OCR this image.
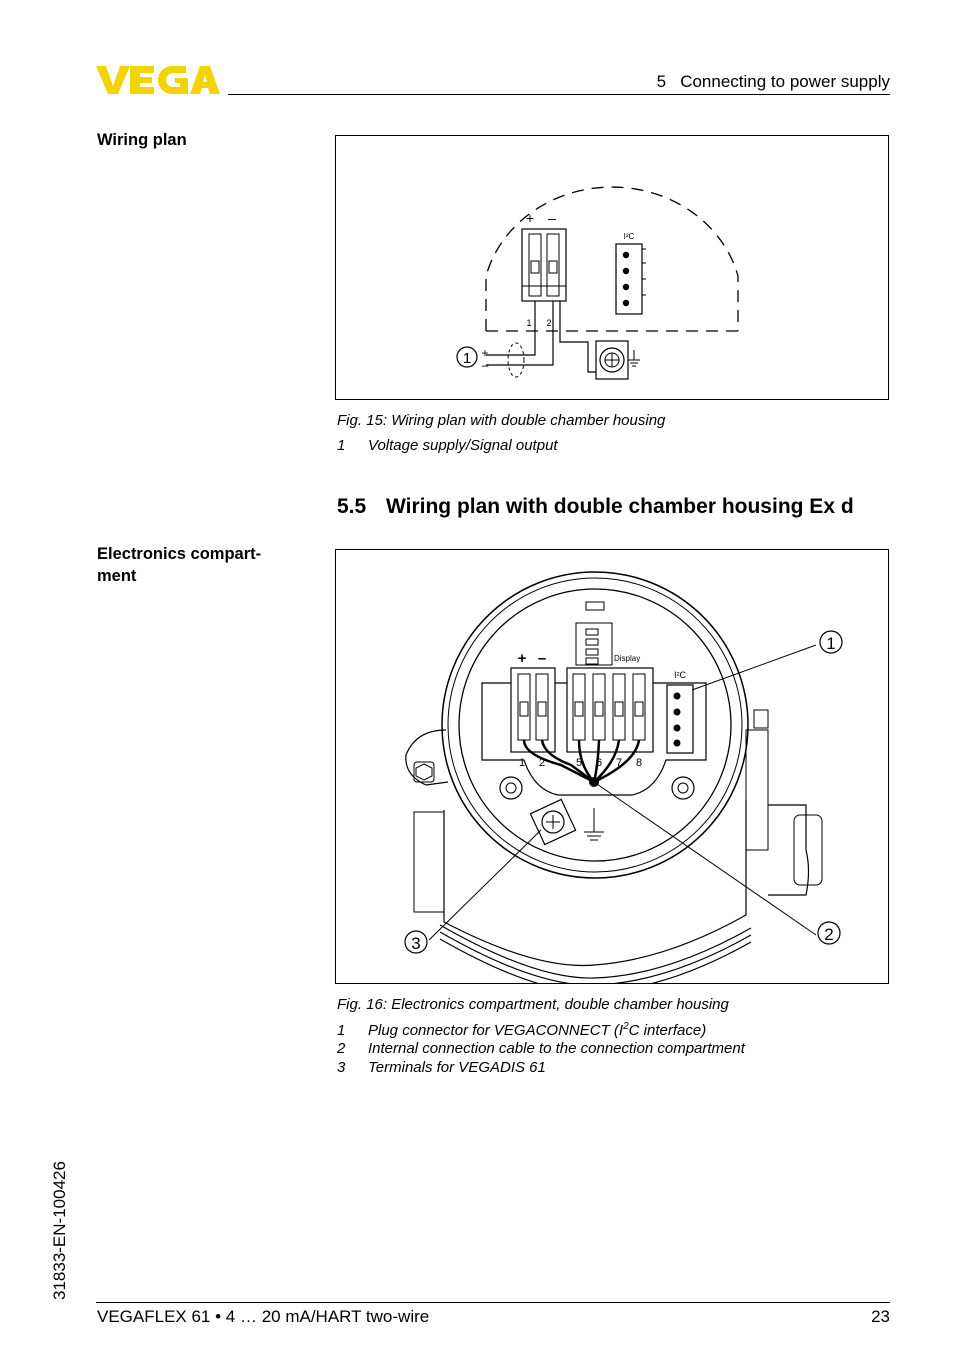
5   Connecting to power supply
Wiring plan
+ –
1 2
I²C
1 +
–
Fig. 15: Wiring plan with double chamber housing
1 Voltage supply/Signal output
5.5 Wiring plan with double chamber housing Ex d
Electronics compart-
ment
Display
+ –
1 2	5 6 7 8
I²C
1
2
3
Fig. 16: Electronics compartment, double chamber housing
1 Plug connector for VEGACONNECT ($I^2C$ interface)
2 Internal connection cable to the connection compartment
3 Terminals for VEGADIS 61
31833-EN-100426
VEGAFLEX 61 • 4 … 20 mA/HART two-wire	23
